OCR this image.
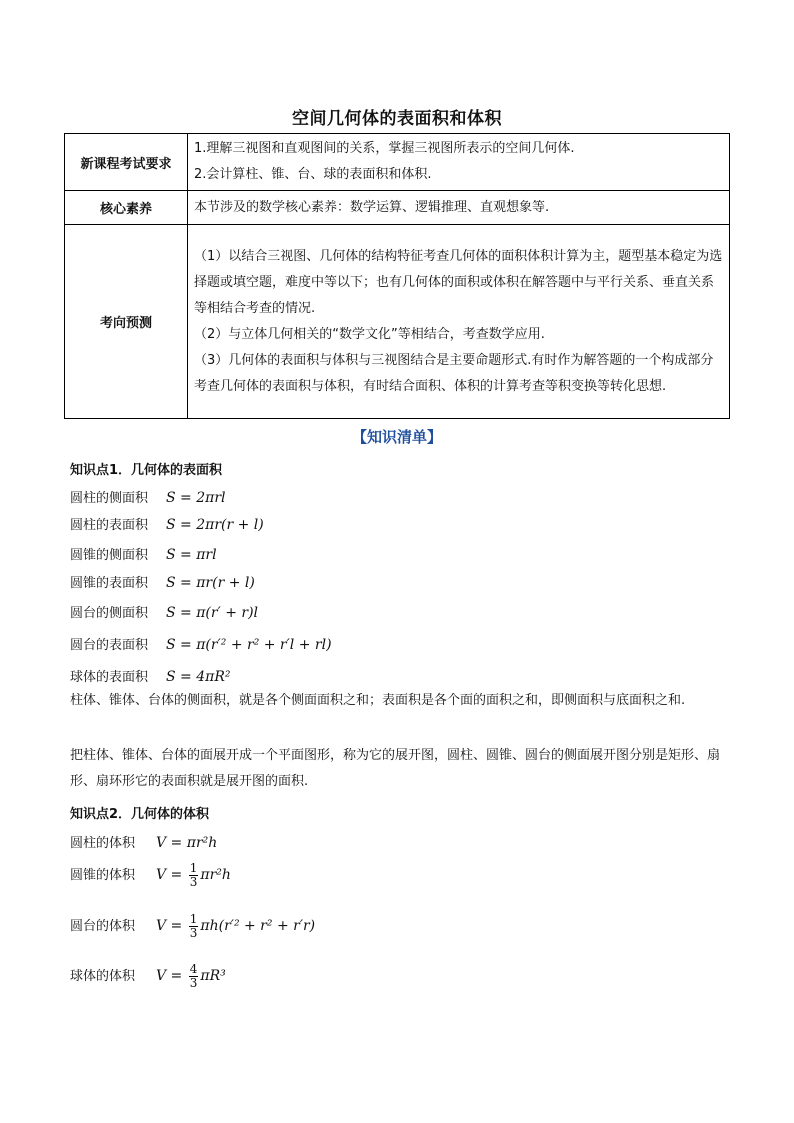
空间几何体的表面积和体积
新课程考试要求	1.理解三视图和直观图间的关系，掌握三视图所表示的空间几何体.

2.会计算柱、锥、台、球的表面积和体积.

核心素养	本节涉及的数学核心素养：数学运算、逻辑推理、直观想象等.

考向预测	（1）以结合三视图、几何体的结构特征考查几何体的面积体积计算为主，题型基本稳定为选择题或填空题，难度中等以下；也有几何体的面积或体积在解答题中与平行关系、垂直关系等相结合考查的情况.

（2）与立体几何相关的“数学文化”等相结合，考查数学应用.

（3）几何体的表面积与体积与三视图结合是主要命题形式.有时作为解答题的一个构成部分考查几何体的表面积与体积，有时结合面积、体积的计算考查等积变换等转化思想.

【知识清单】
知识点1．几何体的表面积
圆柱的侧面积 S = 2πrl
圆柱的表面积 S = 2πr(r + l)
圆锥的侧面积 S = πrl
圆锥的表面积 S = πr(r + l)
圆台的侧面积 S = π(r′ + r)l
圆台的表面积 S = π(r′² + r² + r′l + rl)
球体的表面积 S = 4πR²
柱体、锥体、台体的侧面积，就是各个侧面面积之和；表面积是各个面的面积之和，即侧面积与底面积之和.
把柱体、锥体、台体的面展开成一个平面图形，称为它的展开图，圆柱、圆锥、圆台的侧面展开图分别是矩形、扇形、扇环形它的表面积就是展开图的面积.
知识点2．几何体的体积
圆柱的体积 V = πr²h
圆锥的体积 $V = \frac{1}{3} \pi r^2h$
圆台的体积 $V = \frac{1}{3} \pi h(r'^2 + r^2 + r'r)$
球体的体积 $V = \frac{4}{3} \pi R^3$
